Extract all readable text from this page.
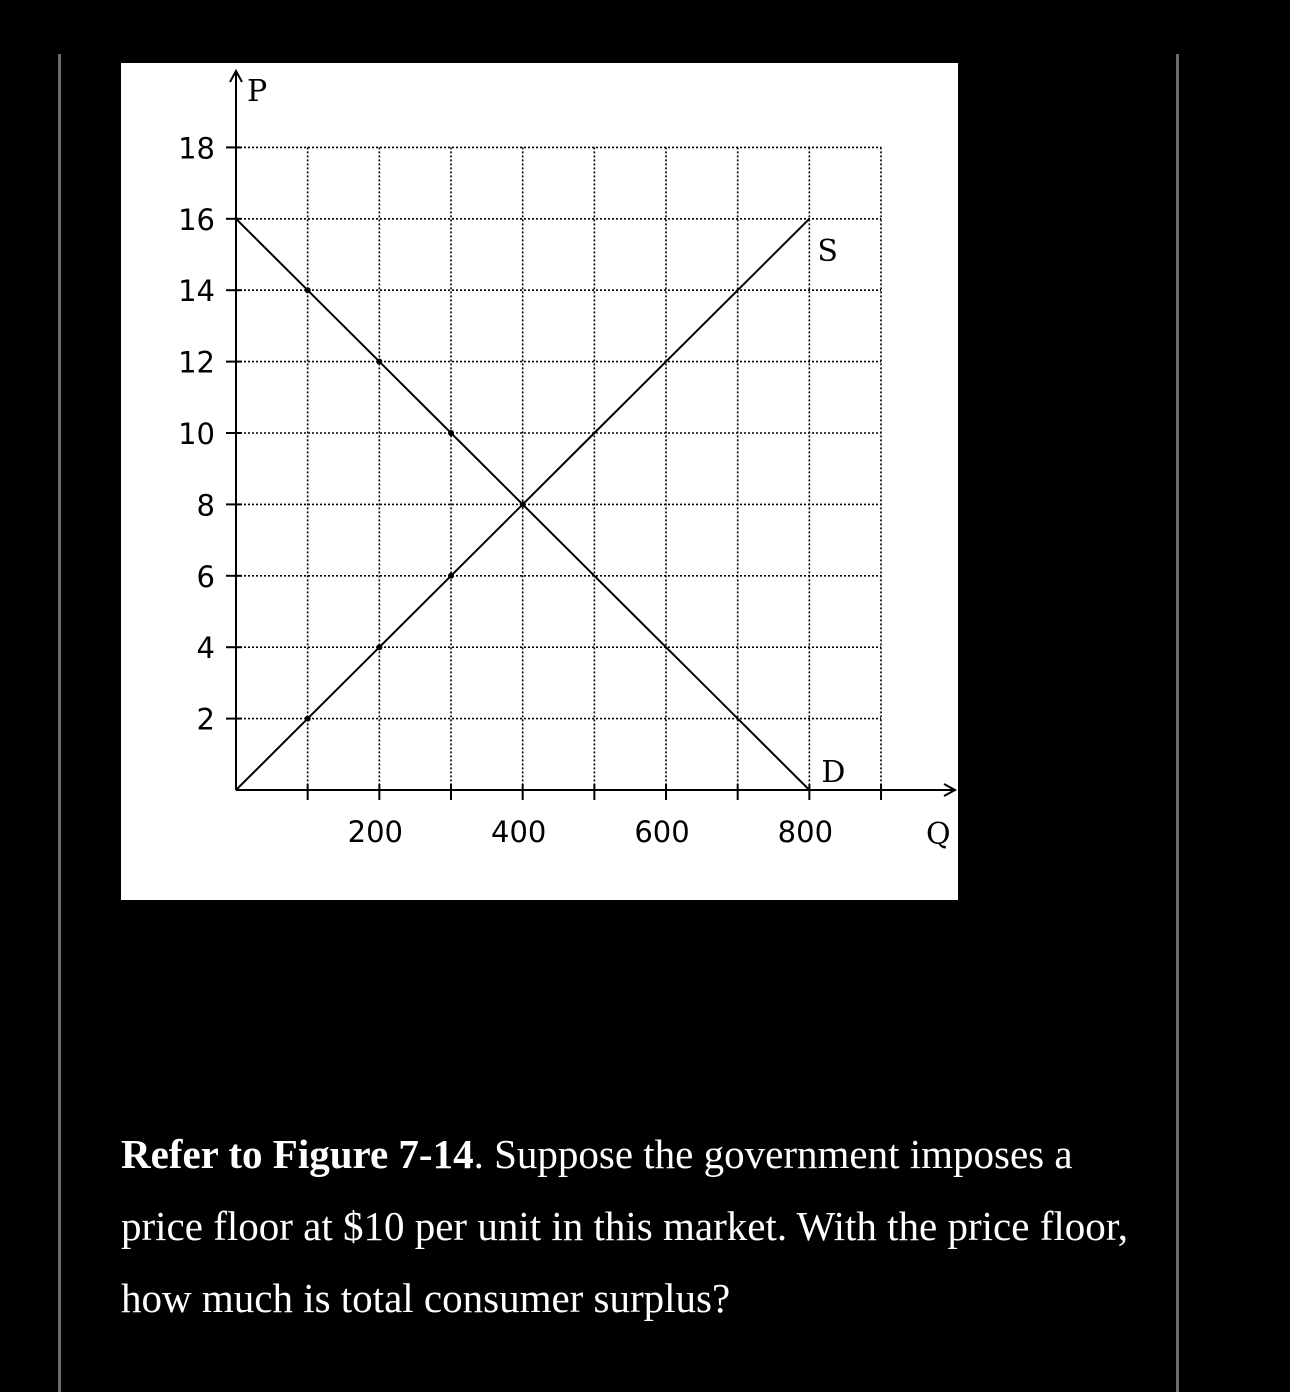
2
4
6
8
10
12
14
16
18
200	400	600	800
P
Q
S
D
Refer to Figure 7-14. Suppose the government imposes a price floor at $10 per unit in this market. With the price floor, how much is total consumer surplus?
